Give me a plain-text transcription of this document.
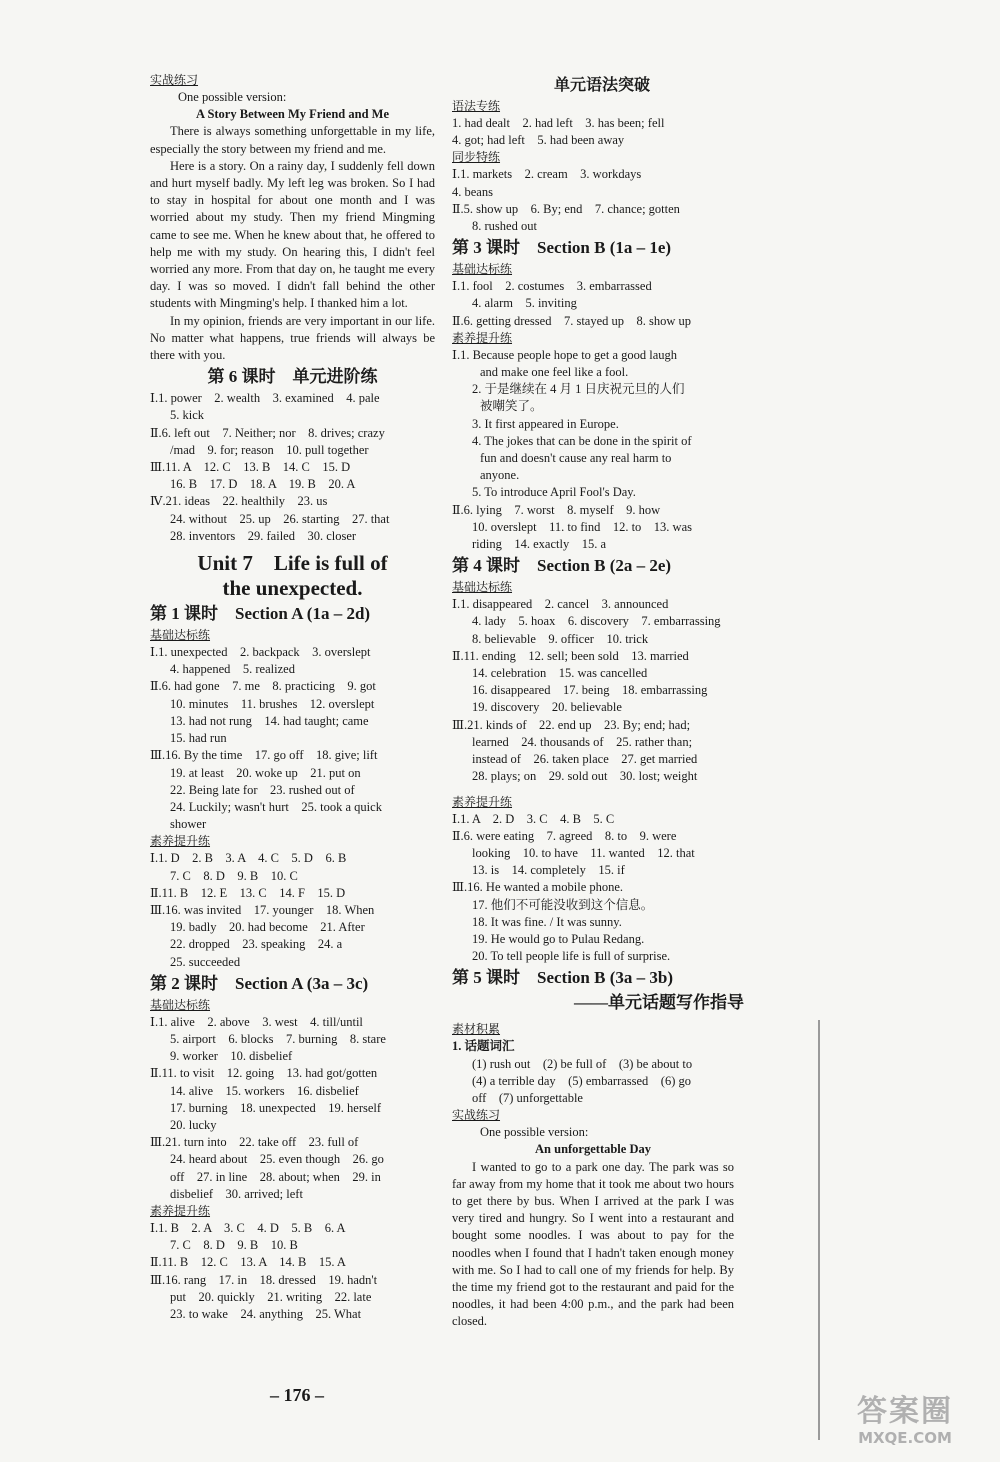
实战练习
One possible version:
A Story Between My Friend and Me
There is always something unforgettable in my life, especially the story between my friend and me.
Here is a story. On a rainy day, I suddenly fell down and hurt myself badly. My left leg was broken. So I had to stay in hospital for about one month and I was worried about my study. Then my friend Mingming came to see me. When he knew about that, he offered to help me with my study. On hearing this, I didn't feel worried any more. From that day on, he taught me every day. I was so moved. I didn't fall behind the other students with Mingming's help. I thanked him a lot.
In my opinion, friends are very important in our life. No matter what happens, true friends will always be there with you.
第 6 课时　单元进阶练
Ⅰ.1. power　2. wealth　3. examined　4. pale
5. kick
Ⅱ.6. left out　7. Neither; nor　8. drives; crazy
/mad　9. for; reason　10. pull together
Ⅲ.11. A　12. C　13. B　14. C　15. D
16. B　17. D　18. A　19. B　20. A
Ⅳ.21. ideas　22. healthily　23. us
24. without　25. up　26. starting　27. that
28. inventors　29. failed　30. closer
Unit 7　Life is full of
the unexpected.
第 1 课时　Section A (1a – 2d)
基础达标练
Ⅰ.1. unexpected　2. backpack　3. overslept
4. happened　5. realized
Ⅱ.6. had gone　7. me　8. practicing　9. got
10. minutes　11. brushes　12. overslept
13. had not rung　14. had taught; came
15. had run
Ⅲ.16. By the time　17. go off　18. give; lift
19. at least　20. woke up　21. put on
22. Being late for　23. rushed out of
24. Luckily; wasn't hurt　25. took a quick
shower
素养提升练
Ⅰ.1. D　2. B　3. A　4. C　5. D　6. B
7. C　8. D　9. B　10. C
Ⅱ.11. B　12. E　13. C　14. F　15. D
Ⅲ.16. was invited　17. younger　18. When
19. badly　20. had become　21. After
22. dropped　23. speaking　24. a
25. succeeded
第 2 课时　Section A (3a – 3c)
基础达标练
Ⅰ.1. alive　2. above　3. west　4. till/until
5. airport　6. blocks　7. burning　8. stare
9. worker　10. disbelief
Ⅱ.11. to visit　12. going　13. had got/gotten
14. alive　15. workers　16. disbelief
17. burning　18. unexpected　19. herself
20. lucky
Ⅲ.21. turn into　22. take off　23. full of
24. heard about　25. even though　26. go
off　27. in line　28. about; when　29. in
disbelief　30. arrived; left
素养提升练
Ⅰ.1. B　2. A　3. C　4. D　5. B　6. A
7. C　8. D　9. B　10. B
Ⅱ.11. B　12. C　13. A　14. B　15. A
Ⅲ.16. rang　17. in　18. dressed　19. hadn't
put　20. quickly　21. writing　22. late
23. to wake　24. anything　25. What
单元语法突破
语法专练
1. had dealt　2. had left　3. has been; fell
4. got; had left　5. had been away
同步特练
Ⅰ.1. markets　2. cream　3. workdays
4. beans
Ⅱ.5. show up　6. By; end　7. chance; gotten
8. rushed out
第 3 课时　Section B (1a – 1e)
基础达标练
Ⅰ.1. fool　2. costumes　3. embarrassed
4. alarm　5. inviting
Ⅱ.6. getting dressed　7. stayed up　8. show up
素养提升练
Ⅰ.1. Because people hope to get a good laugh
and make one feel like a fool.
2. 于是继续在 4 月 1 日庆祝元旦的人们
被嘲笑了。
3. It first appeared in Europe.
4. The jokes that can be done in the spirit of
fun and doesn't cause any real harm to
anyone.
5. To introduce April Fool's Day.
Ⅱ.6. lying　7. worst　8. myself　9. how
10. overslept　11. to find　12. to　13. was
riding　14. exactly　15. a
第 4 课时　Section B (2a – 2e)
基础达标练
Ⅰ.1. disappeared　2. cancel　3. announced
4. lady　5. hoax　6. discovery　7. embarrassing
8. believable　9. officer　10. trick
Ⅱ.11. ending　12. sell; been sold　13. married
14. celebration　15. was cancelled
16. disappeared　17. being　18. embarrassing
19. discovery　20. believable
Ⅲ.21. kinds of　22. end up　23. By; end; had;
learned　24. thousands of　25. rather than;
instead of　26. taken place　27. get married
28. plays; on　29. sold out　30. lost; weight
素养提升练
Ⅰ.1. A　2. D　3. C　4. B　5. C
Ⅱ.6. were eating　7. agreed　8. to　9. were
looking　10. to have　11. wanted　12. that
13. is　14. completely　15. if
Ⅲ.16. He wanted a mobile phone.
17. 他们不可能没收到这个信息。
18. It was fine. / It was sunny.
19. He would go to Pulau Redang.
20. To tell people life is full of surprise.
第 5 课时　Section B (3a – 3b)
——单元话题写作指导
素材积累
1. 话题词汇
(1) rush out　(2) be full of　(3) be about to
(4) a terrible day　(5) embarrassed　(6) go
off　(7) unforgettable
实战练习
One possible version:
An unforgettable Day
I wanted to go to a park one day. The park was so far away from my home that it took me about two hours to get there by bus. When I arrived at the park I was very tired and hungry. So I went into a restaurant and bought some noodles. I was about to pay for the noodles when I found that I hadn't taken enough money with me. So I had to call one of my friends for help. By the time my friend got to the restaurant and paid for the noodles, it had been 4:00 p.m., and the park had been closed.
– 176 –	答案圈
MXQE.COM
